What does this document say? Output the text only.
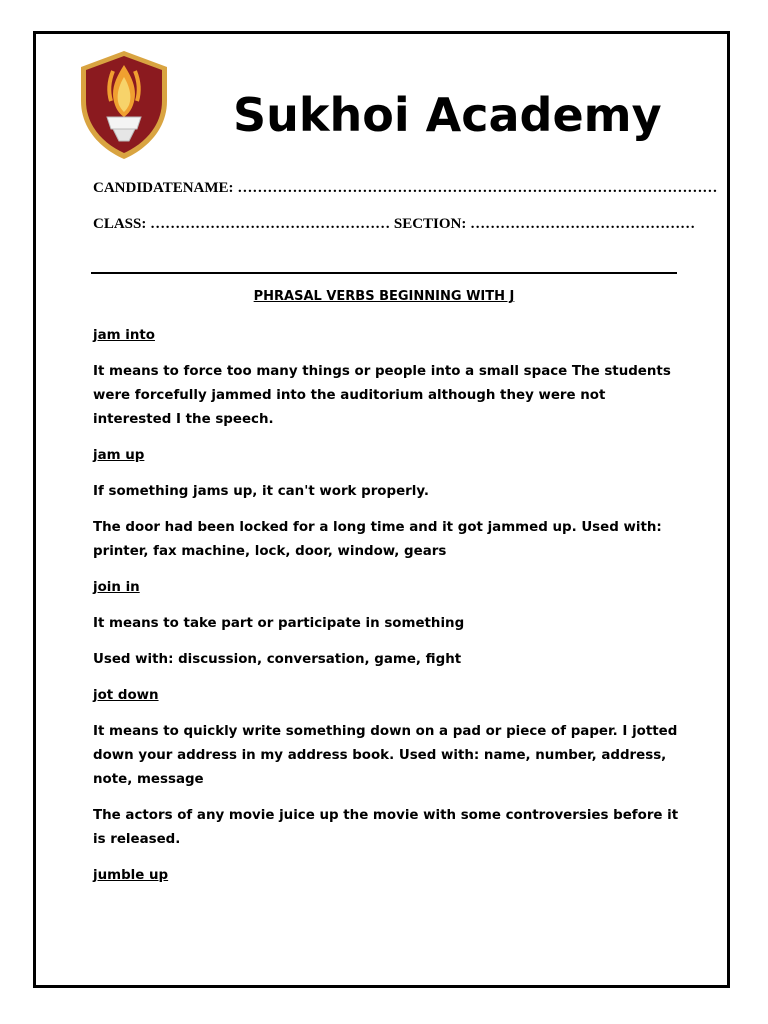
Sukhoi Academy
CANDIDATENAME: ……………………………………………………………………………………
CLASS: ………………………………………… SECTION: ………………………………………
PHRASAL VERBS BEGINNING WITH J
jam into
It means to force too many things or people into a small space The students were forcefully jammed into the auditorium although they were not interested I the speech.
jam up
If something jams up, it can't work properly.
The door had been locked for a long time and it got jammed up. Used with: printer, fax machine, lock, door, window, gears
join in
It means to take part or participate in something
Used with: discussion, conversation, game, fight
jot down
It means to quickly write something down on a pad or piece of paper. I jotted down your address in my address book. Used with: name, number, address, note, message
The actors of any movie juice up the movie with some controversies before it is released.
jumble up
